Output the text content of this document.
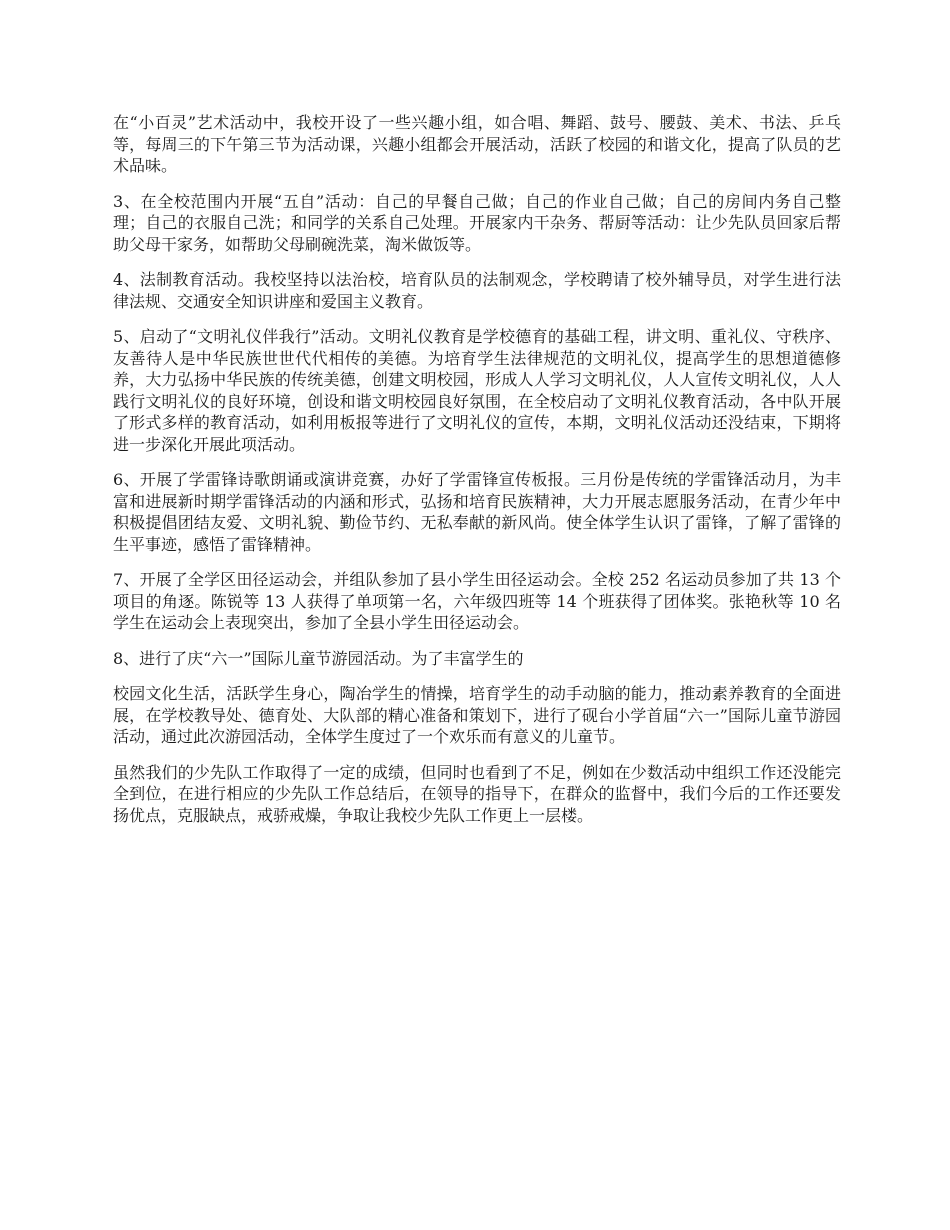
在“小百灵”艺术活动中，我校开设了一些兴趣小组，如合唱、舞蹈、鼓号、腰鼓、美术、书法、乒乓等，每周三的下午第三节为活动课，兴趣小组都会开展活动，活跃了校园的和谐文化，提高了队员的艺术品味。

3、在全校范围内开展“五自”活动：自己的早餐自己做；自己的作业自己做；自己的房间内务自己整理；自己的衣服自己洗；和同学的关系自己处理。开展家内干杂务、帮厨等活动：让少先队员回家后帮助父母干家务，如帮助父母刷碗洗菜，淘米做饭等。

4、法制教育活动。我校坚持以法治校，培育队员的法制观念，学校聘请了校外辅导员，对学生进行法律法规、交通安全知识讲座和爱国主义教育。

5、启动了“文明礼仪伴我行”活动。文明礼仪教育是学校德育的基础工程，讲文明、重礼仪、守秩序、友善待人是中华民族世世代代相传的美德。为培育学生法律规范的文明礼仪，提高学生的思想道德修养，大力弘扬中华民族的传统美德，创建文明校园，形成人人学习文明礼仪，人人宣传文明礼仪，人人践行文明礼仪的良好环境，创设和谐文明校园良好氛围，在全校启动了文明礼仪教育活动，各中队开展了形式多样的教育活动，如利用板报等进行了文明礼仪的宣传，本期，文明礼仪活动还没结束，下期将进一步深化开展此项活动。

6、开展了学雷锋诗歌朗诵或演讲竞赛，办好了学雷锋宣传板报。三月份是传统的学雷锋活动月，为丰富和进展新时期学雷锋活动的内涵和形式，弘扬和培育民族精神，大力开展志愿服务活动，在青少年中积极提倡团结友爱、文明礼貌、勤俭节约、无私奉献的新风尚。使全体学生认识了雷锋，了解了雷锋的生平事迹，感悟了雷锋精神。

7、开展了全学区田径运动会，并组队参加了县小学生田径运动会。全校 252 名运动员参加了共 13 个项目的角逐。陈锐等 13 人获得了单项第一名，六年级四班等 14 个班获得了团体奖。张艳秋等 10 名学生在运动会上表现突出，参加了全县小学生田径运动会。

8、进行了庆“六一”国际儿童节游园活动。为了丰富学生的

校园文化生活，活跃学生身心，陶冶学生的情操，培育学生的动手动脑的能力，推动素养教育的全面进展，在学校教导处、德育处、大队部的精心准备和策划下，进行了砚台小学首届“六一”国际儿童节游园活动，通过此次游园活动，全体学生度过了一个欢乐而有意义的儿童节。

虽然我们的少先队工作取得了一定的成绩，但同时也看到了不足，例如在少数活动中组织工作还没能完全到位，在进行相应的少先队工作总结后，在领导的指导下，在群众的监督中，我们今后的工作还要发扬优点，克服缺点，戒骄戒燥，争取让我校少先队工作更上一层楼。
